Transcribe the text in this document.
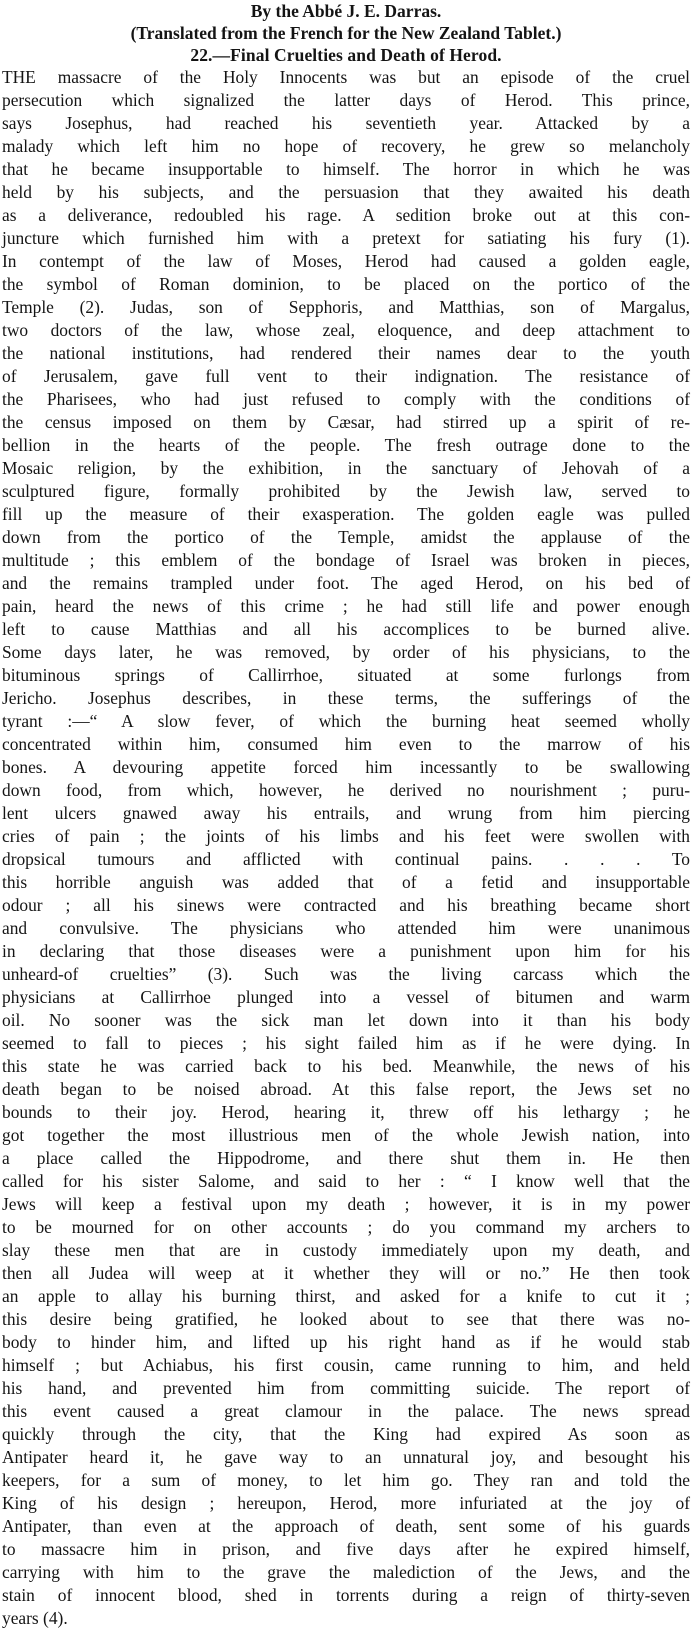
By the Abbé J. E. Darras.
(Translated from the French for the New Zealand Tablet.)
22.—Final Cruelties and Death of Herod.
THE massacre of the Holy Innocents was but an episode of the cruel
persecution which signalized the latter days of Herod. This prince,
says Josephus, had reached his seventieth year. Attacked by a
malady which left him no hope of recovery, he grew so melancholy
that he became insupportable to himself. The horror in which he was
held by his subjects, and the persuasion that they awaited his death
as a deliverance, redoubled his rage. A sedition broke out at this con-
juncture which furnished him with a pretext for satiating his fury (1).
In contempt of the law of Moses, Herod had caused a golden eagle,
the symbol of Roman dominion, to be placed on the portico of the
Temple (2). Judas, son of Sepphoris, and Matthias, son of Margalus,
two doctors of the law, whose zeal, eloquence, and deep attachment to
the national institutions, had rendered their names dear to the youth
of Jerusalem, gave full vent to their indignation. The resistance of
the Pharisees, who had just refused to comply with the conditions of
the census imposed on them by Cæsar, had stirred up a spirit of re-
bellion in the hearts of the people. The fresh outrage done to the
Mosaic religion, by the exhibition, in the sanctuary of Jehovah of a
sculptured figure, formally prohibited by the Jewish law, served to
fill up the measure of their exasperation. The golden eagle was pulled
down from the portico of the Temple, amidst the applause of the
multitude ; this emblem of the bondage of Israel was broken in pieces,
and the remains trampled under foot. The aged Herod, on his bed of
pain, heard the news of this crime ; he had still life and power enough
left to cause Matthias and all his accomplices to be burned alive.
Some days later, he was removed, by order of his physicians, to the
bituminous springs of Callirrhoe, situated at some furlongs from
Jericho. Josephus describes, in these terms, the sufferings of the
tyrant :—“ A slow fever, of which the burning heat seemed wholly
concentrated within him, consumed him even to the marrow of his
bones. A devouring appetite forced him incessantly to be swallowing
down food, from which, however, he derived no nourishment ; puru-
lent ulcers gnawed away his entrails, and wrung from him piercing
cries of pain ; the joints of his limbs and his feet were swollen with
dropsical tumours and afflicted with continual pains. . . . To
this horrible anguish was added that of a fetid and insupportable
odour ; all his sinews were contracted and his breathing became short
and convulsive. The physicians who attended him were unanimous
in declaring that those diseases were a punishment upon him for his
unheard-of cruelties” (3). Such was the living carcass which the
physicians at Callirrhoe plunged into a vessel of bitumen and warm
oil. No sooner was the sick man let down into it than his body
seemed to fall to pieces ; his sight failed him as if he were dying. In
this state he was carried back to his bed. Meanwhile, the news of his
death began to be noised abroad. At this false report, the Jews set no
bounds to their joy. Herod, hearing it, threw off his lethargy ; he
got together the most illustrious men of the whole Jewish nation, into
a place called the Hippodrome, and there shut them in. He then
called for his sister Salome, and said to her : “ I know well that the
Jews will keep a festival upon my death ; however, it is in my power
to be mourned for on other accounts ; do you command my archers to
slay these men that are in custody immediately upon my death, and
then all Judea will weep at it whether they will or no.” He then took
an apple to allay his burning thirst, and asked for a knife to cut it ;
this desire being gratified, he looked about to see that there was no-
body to hinder him, and lifted up his right hand as if he would stab
himself ; but Achiabus, his first cousin, came running to him, and held
his hand, and prevented him from committing suicide. The report of
this event caused a great clamour in the palace. The news spread
quickly through the city, that the King had expired As soon as
Antipater heard it, he gave way to an unnatural joy, and besought his
keepers, for a sum of money, to let him go. They ran and told the
King of his design ; hereupon, Herod, more infuriated at the joy of
Antipater, than even at the approach of death, sent some of his guards
to massacre him in prison, and five days after he expired himself,
carrying with him to the grave the malediction of the Jews, and the
stain of innocent blood, shed in torrents during a reign of thirty-seven
years (4).
